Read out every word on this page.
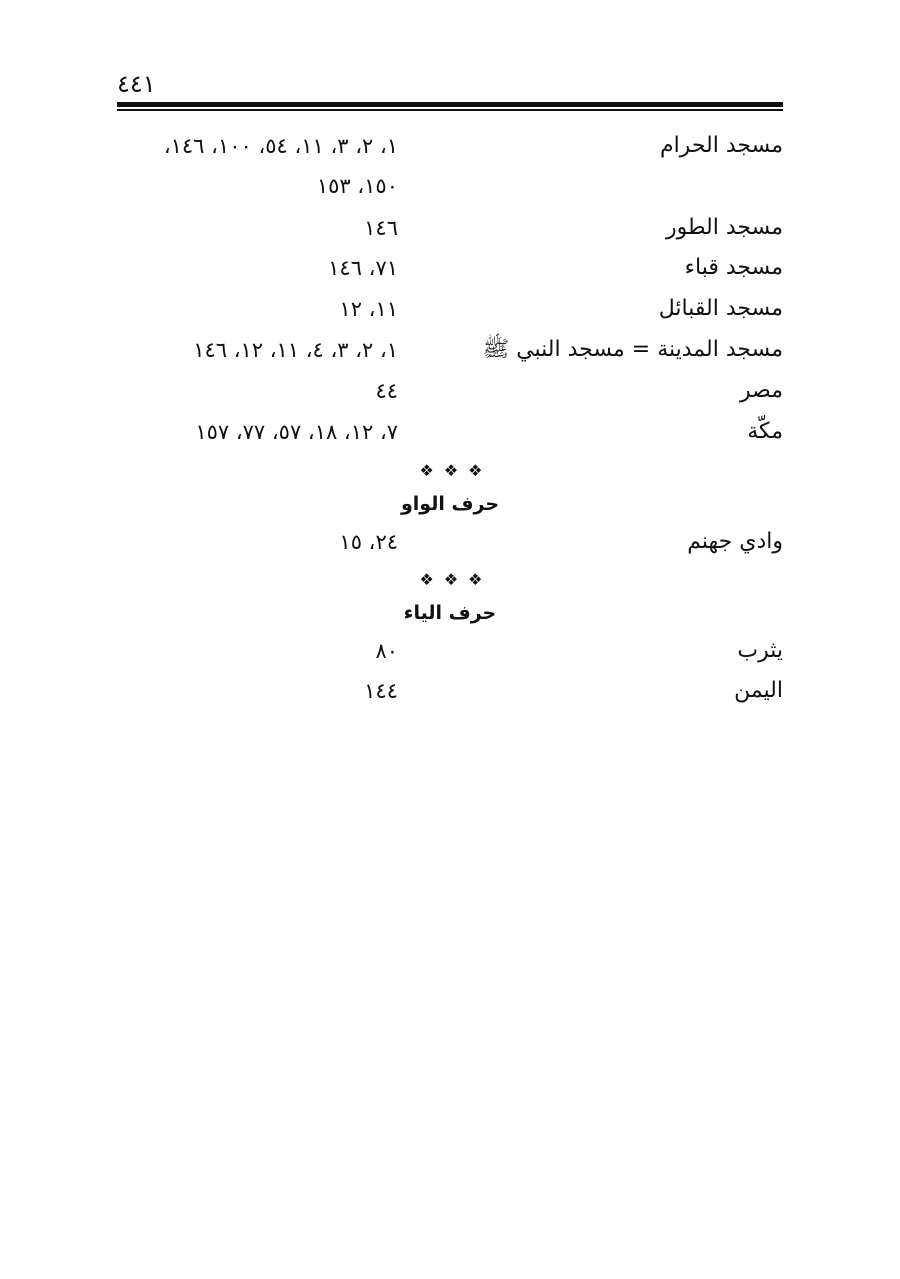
٤٤١
مسجد الحرام
١، ٢، ٣، ١١، ٥٤، ١٠٠، ١٤٦،
١٥٠، ١٥٣
مسجد الطور
١٤٦
مسجد قباء
٧١، ١٤٦
مسجد القبائل
١١، ١٢
مسجد المدينة = مسجد النبي ﷺ
١، ٢، ٣، ٤، ١١، ١٢، ١٤٦
مصر
٤٤
مكّة
٧، ١٢، ١٨، ٥٧، ٧٧، ١٥٧
❖❖❖
حرف الواو
وادي جهنم
٢٤، ١٥
❖❖❖
حرف الياء
يثرب
٨٠
اليمن
١٤٤
